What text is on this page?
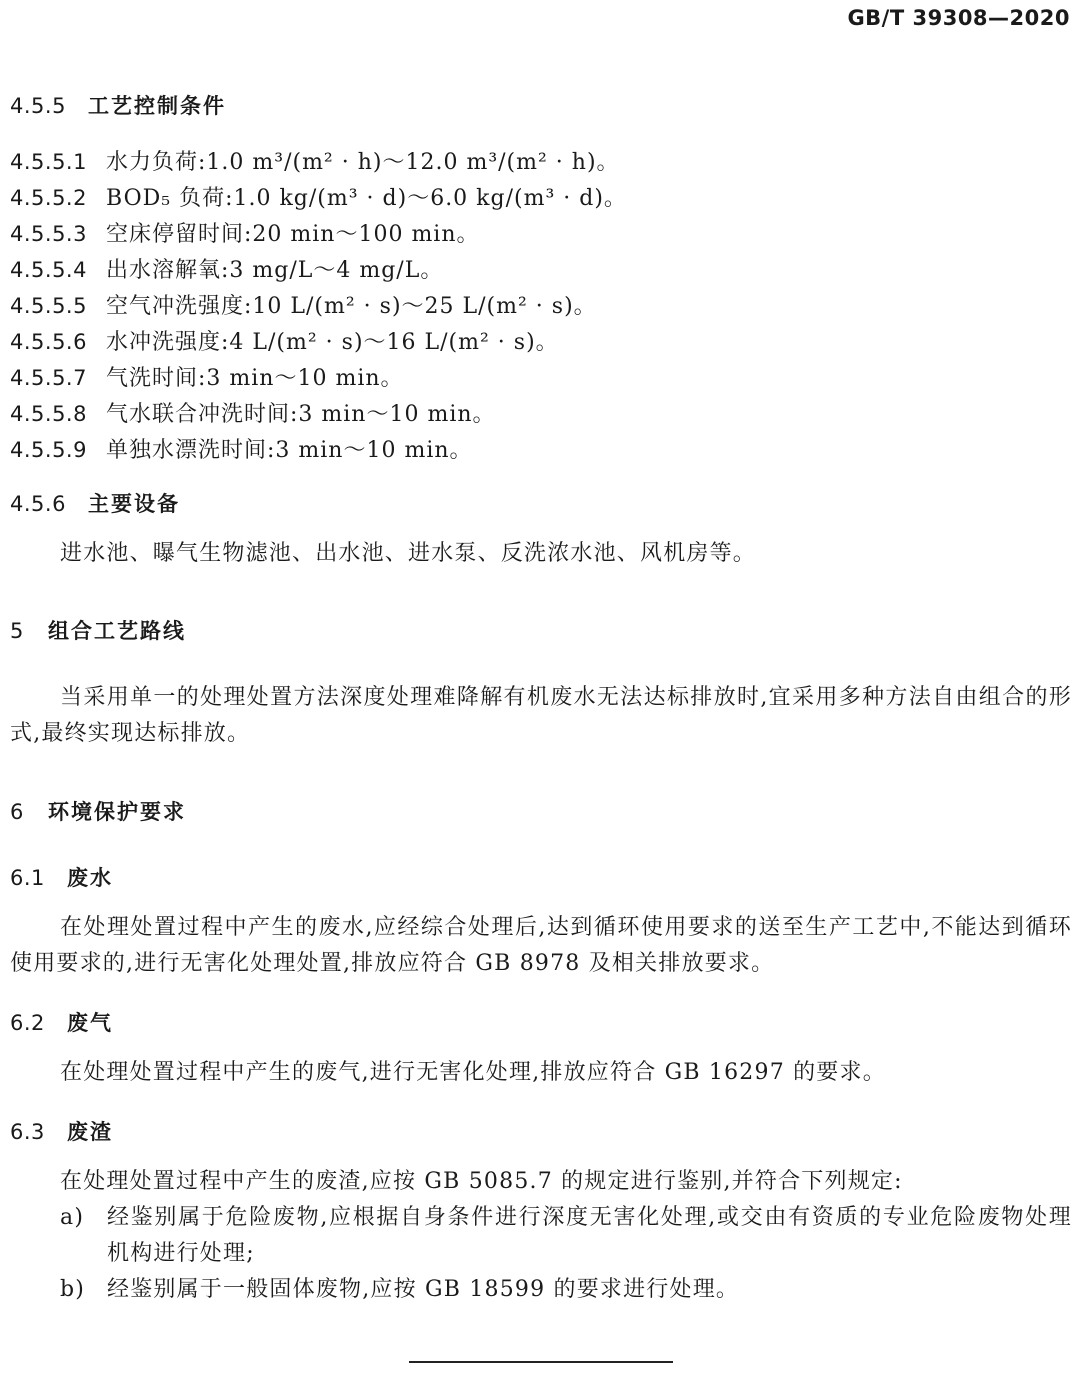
GB/T 39308—2020
4.5.5 工艺控制条件
4.5.5.1 水力负荷:1.0 m³/(m² · h)～12.0 m³/(m² · h)。
4.5.5.2 BOD₅ 负荷:1.0 kg/(m³ · d)～6.0 kg/(m³ · d)。
4.5.5.3 空床停留时间:20 min～100 min。
4.5.5.4 出水溶解氧:3 mg/L～4 mg/L。
4.5.5.5 空气冲洗强度:10 L/(m² · s)～25 L/(m² · s)。
4.5.5.6 水冲洗强度:4 L/(m² · s)～16 L/(m² · s)。
4.5.5.7 气洗时间:3 min～10 min。
4.5.5.8 气水联合冲洗时间:3 min～10 min。
4.5.5.9 单独水漂洗时间:3 min～10 min。
4.5.6 主要设备
进水池、曝气生物滤池、出水池、进水泵、反洗浓水池、风机房等。
5 组合工艺路线
当采用单一的处理处置方法深度处理难降解有机废水无法达标排放时,宜采用多种方法自由组合的形式,最终实现达标排放。
6 环境保护要求
6.1 废水
在处理处置过程中产生的废水,应经综合处理后,达到循环使用要求的送至生产工艺中,不能达到循环使用要求的,进行无害化处理处置,排放应符合 GB 8978 及相关排放要求。
6.2 废气
在处理处置过程中产生的废气,进行无害化处理,排放应符合 GB 16297 的要求。
6.3 废渣
在处理处置过程中产生的废渣,应按 GB 5085.7 的规定进行鉴别,并符合下列规定:
a) 经鉴别属于危险废物,应根据自身条件进行深度无害化处理,或交由有资质的专业危险废物处理机构进行处理;
b) 经鉴别属于一般固体废物,应按 GB 18599 的要求进行处理。
